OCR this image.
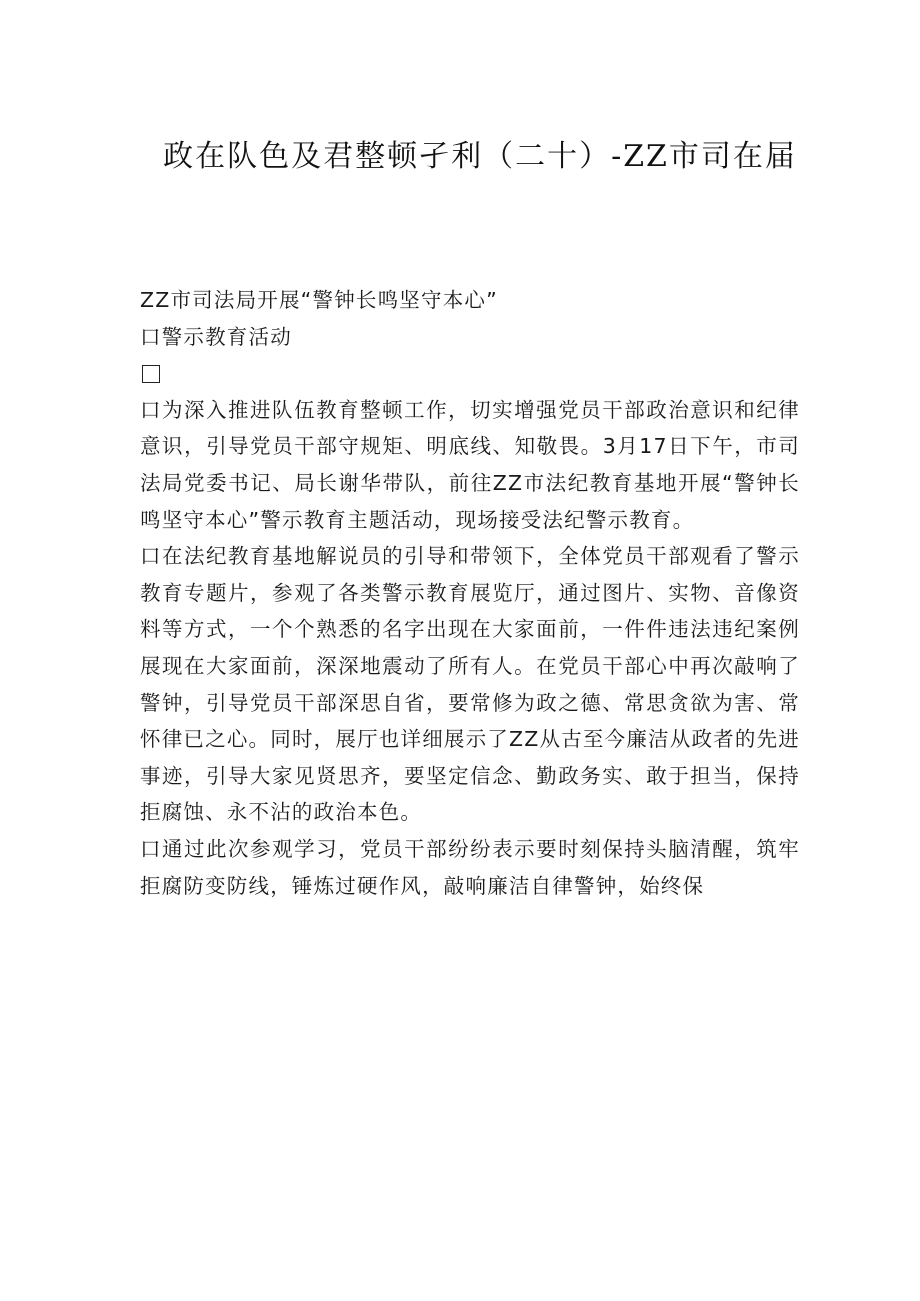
政在队色及君整顿孑利（二十）-ZZ市司在届

ZZ市司法局开展“警钟长鸣坚守本心”

口警示教育活动

口为深入推进队伍教育整顿工作，切实增强党员干部政治意识和纪律意识，引导党员干部守规矩、明底线、知敬畏。3月17日下午，市司法局党委书记、局长谢华带队，前往ZZ市法纪教育基地开展“警钟长鸣坚守本心”警示教育主题活动，现场接受法纪警示教育。

口在法纪教育基地解说员的引导和带领下，全体党员干部观看了警示教育专题片，参观了各类警示教育展览厅，通过图片、实物、音像资料等方式，一个个熟悉的名字出现在大家面前，一件件违法违纪案例展现在大家面前，深深地震动了所有人。在党员干部心中再次敲响了警钟，引导党员干部深思自省，要常修为政之德、常思贪欲为害、常怀律已之心。同时，展厅也详细展示了ZZ从古至今廉洁从政者的先进事迹，引导大家见贤思齐，要坚定信念、勤政务实、敢于担当，保持拒腐蚀、永不沾的政治本色。

口通过此次参观学习，党员干部纷纷表示要时刻保持头脑清醒，筑牢拒腐防变防线，锤炼过硬作风，敲响廉洁自律警钟，始终保
